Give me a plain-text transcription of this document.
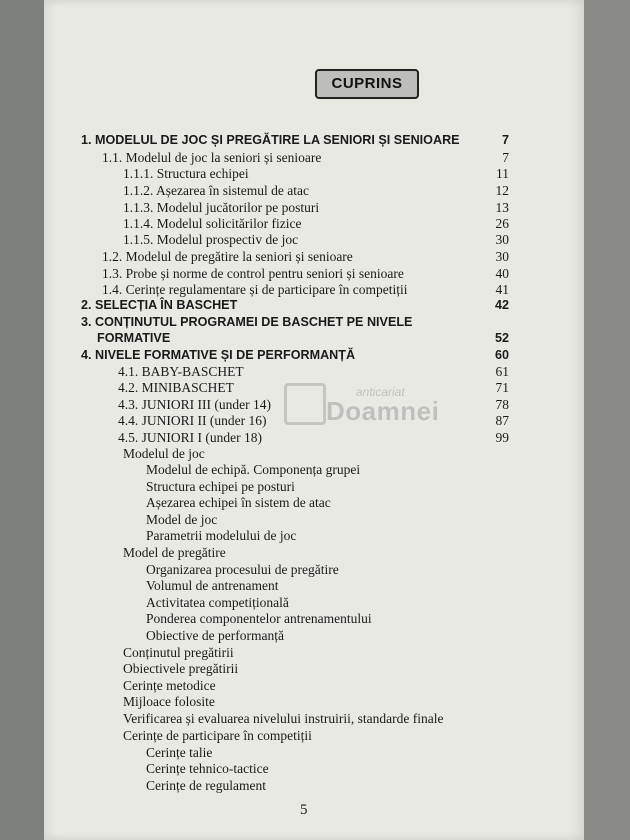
CUPRINS
1. MODELUL DE JOC ȘI PREGĂTIRE LA SENIORI ȘI SENIOARE	7
1.1. Modelul de joc la seniori și senioare	7
1.1.1. Structura echipei	11
1.1.2. Așezarea în sistemul de atac	12
1.1.3. Modelul jucătorilor pe posturi	13
1.1.4. Modelul solicitărilor fizice	26
1.1.5. Modelul prospectiv de joc	30
1.2. Modelul de pregătire la seniori și senioare	30
1.3. Probe și norme de control pentru seniori și senioare	40
1.4. Cerințe regulamentare și de participare în competiții	41
2. SELECȚIA ÎN BASCHET	42
3. CONȚINUTUL PROGRAMEI DE BASCHET PE NIVELE
FORMATIVE	52
4. NIVELE FORMATIVE ȘI DE PERFORMANȚĂ	60
4.1. BABY-BASCHET	61
4.2. MINIBASCHET	71
4.3. JUNIORI III (under 14)	78
4.4. JUNIORI II (under 16)	87
4.5. JUNIORI I (under 18)	99
Modelul de joc
Modelul de echipă. Componența grupei
Structura echipei pe posturi
Așezarea echipei în sistem de atac
Model de joc
Parametrii modelului de joc
Model de pregătire
Organizarea procesului de pregătire
Volumul de antrenament
Activitatea competițională
Ponderea componentelor antrenamentului
Obiective de performanță
Conținutul pregătirii
Obiectivele pregătirii
Cerințe metodice
Mijloace folosite
Verificarea și evaluarea nivelului instruirii, standarde finale
Cerințe de participare în competiții
Cerințe talie
Cerințe tehnico-tactice
Cerințe de regulament
anticariat
Doamnei
5
